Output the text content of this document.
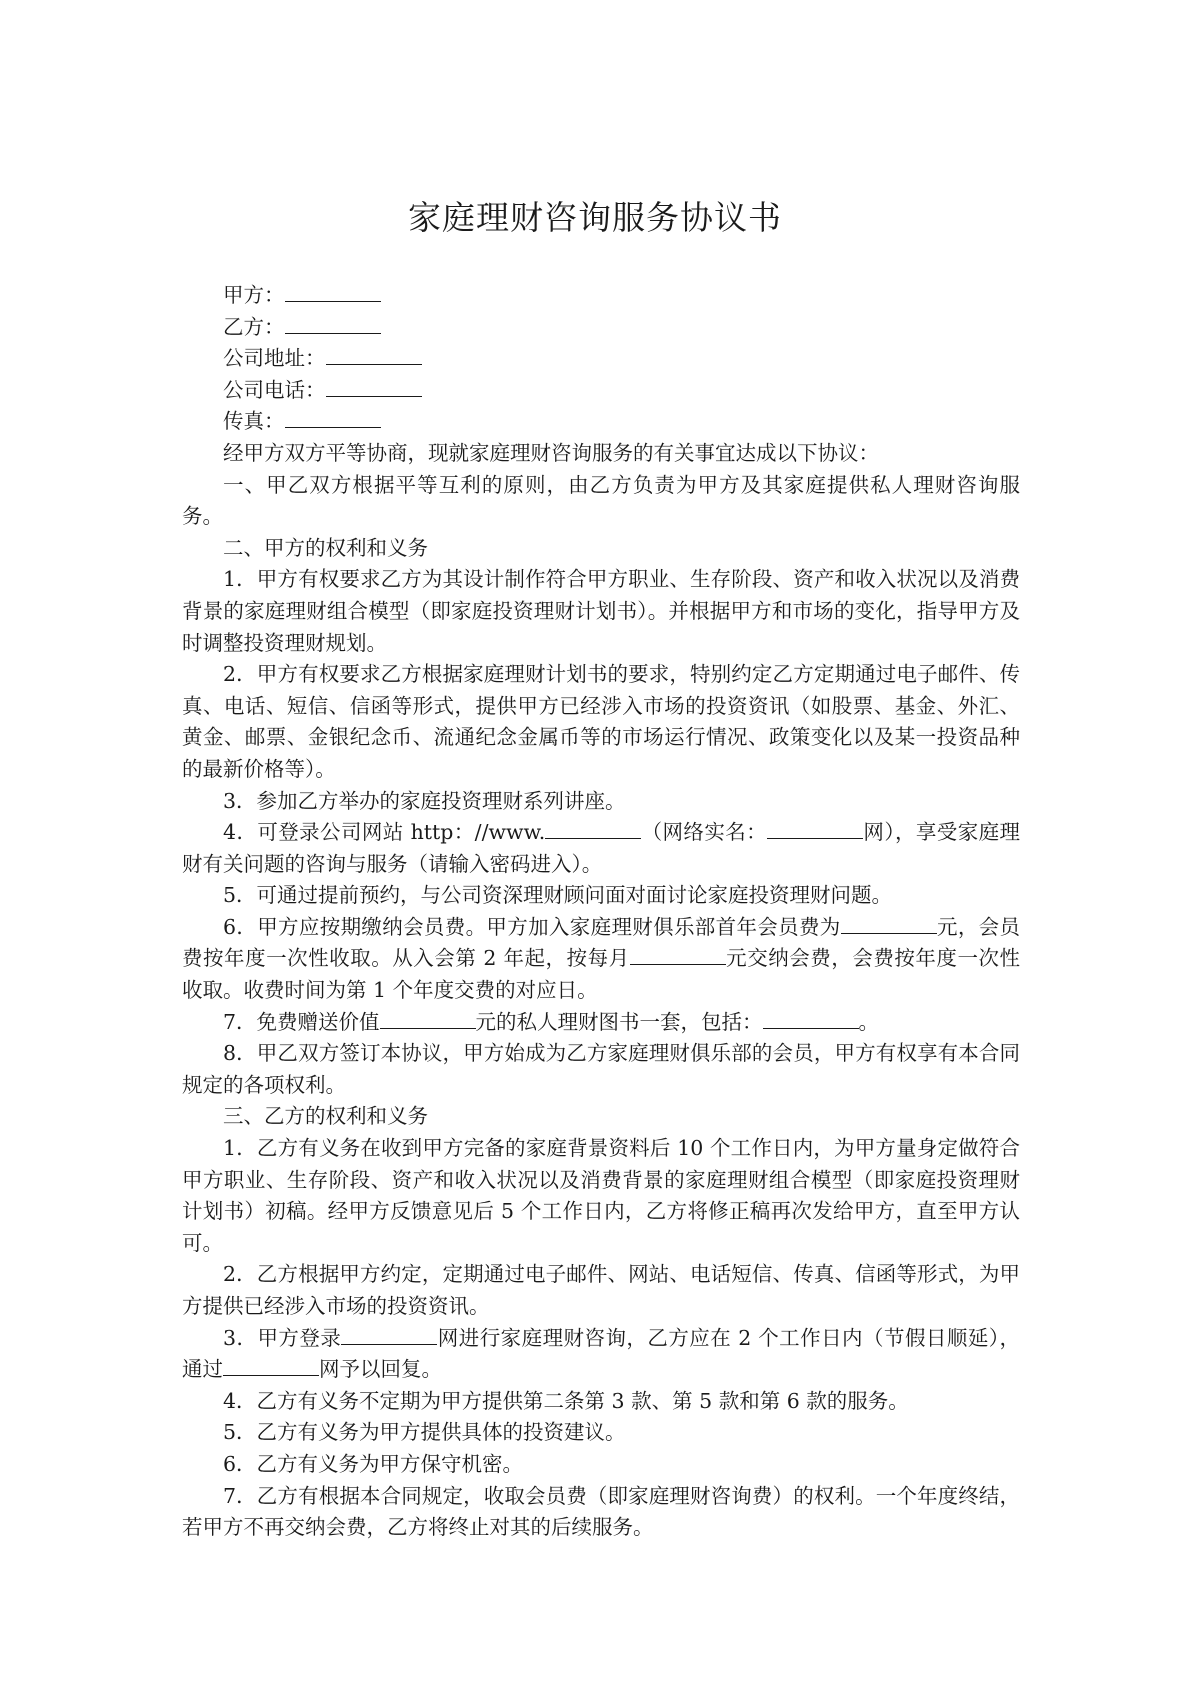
家庭理财咨询服务协议书

甲方：

乙方：

公司地址：

公司电话：

传真：

经甲方双方平等协商，现就家庭理财咨询服务的有关事宜达成以下协议：

一、甲乙双方根据平等互利的原则，由乙方负责为甲方及其家庭提供私人理财咨询服务。

二、甲方的权利和义务

1．甲方有权要求乙方为其设计制作符合甲方职业、生存阶段、资产和收入状况以及消费背景的家庭理财组合模型（即家庭投资理财计划书）。并根据甲方和市场的变化，指导甲方及时调整投资理财规划。

2．甲方有权要求乙方根据家庭理财计划书的要求，特别约定乙方定期通过电子邮件、传真、电话、短信、信函等形式，提供甲方已经涉入市场的投资资讯（如股票、基金、外汇、黄金、邮票、金银纪念币、流通纪念金属币等的市场运行情况、政策变化以及某一投资品种的最新价格等）。

3．参加乙方举办的家庭投资理财系列讲座。

4．可登录公司网站 http：//www.	（网络实名：	网），享受家庭理财有关问题的咨询与服务（请输入密码进入）。

5．可通过提前预约，与公司资深理财顾问面对面讨论家庭投资理财问题。

6．甲方应按期缴纳会员费。甲方加入家庭理财俱乐部首年会员费为	元，会员费按年度一次性收取。从入会第 2 年起，按每月	元交纳会费，会费按年度一次性收取。收费时间为第 1 个年度交费的对应日。

7．免费赠送价值	元的私人理财图书一套，包括：	。

8．甲乙双方签订本协议，甲方始成为乙方家庭理财俱乐部的会员，甲方有权享有本合同规定的各项权利。

三、乙方的权利和义务

1．乙方有义务在收到甲方完备的家庭背景资料后 10 个工作日内，为甲方量身定做符合甲方职业、生存阶段、资产和收入状况以及消费背景的家庭理财组合模型（即家庭投资理财计划书）初稿。经甲方反馈意见后 5 个工作日内，乙方将修正稿再次发给甲方，直至甲方认可。

2．乙方根据甲方约定，定期通过电子邮件、网站、电话短信、传真、信函等形式，为甲方提供已经涉入市场的投资资讯。

3．甲方登录	网进行家庭理财咨询，乙方应在 2 个工作日内（节假日顺延），通过	网予以回复。

4．乙方有义务不定期为甲方提供第二条第 3 款、第 5 款和第 6 款的服务。

5．乙方有义务为甲方提供具体的投资建议。

6．乙方有义务为甲方保守机密。

7．乙方有根据本合同规定，收取会员费（即家庭理财咨询费）的权利。一个年度终结，若甲方不再交纳会费，乙方将终止对其的后续服务。
